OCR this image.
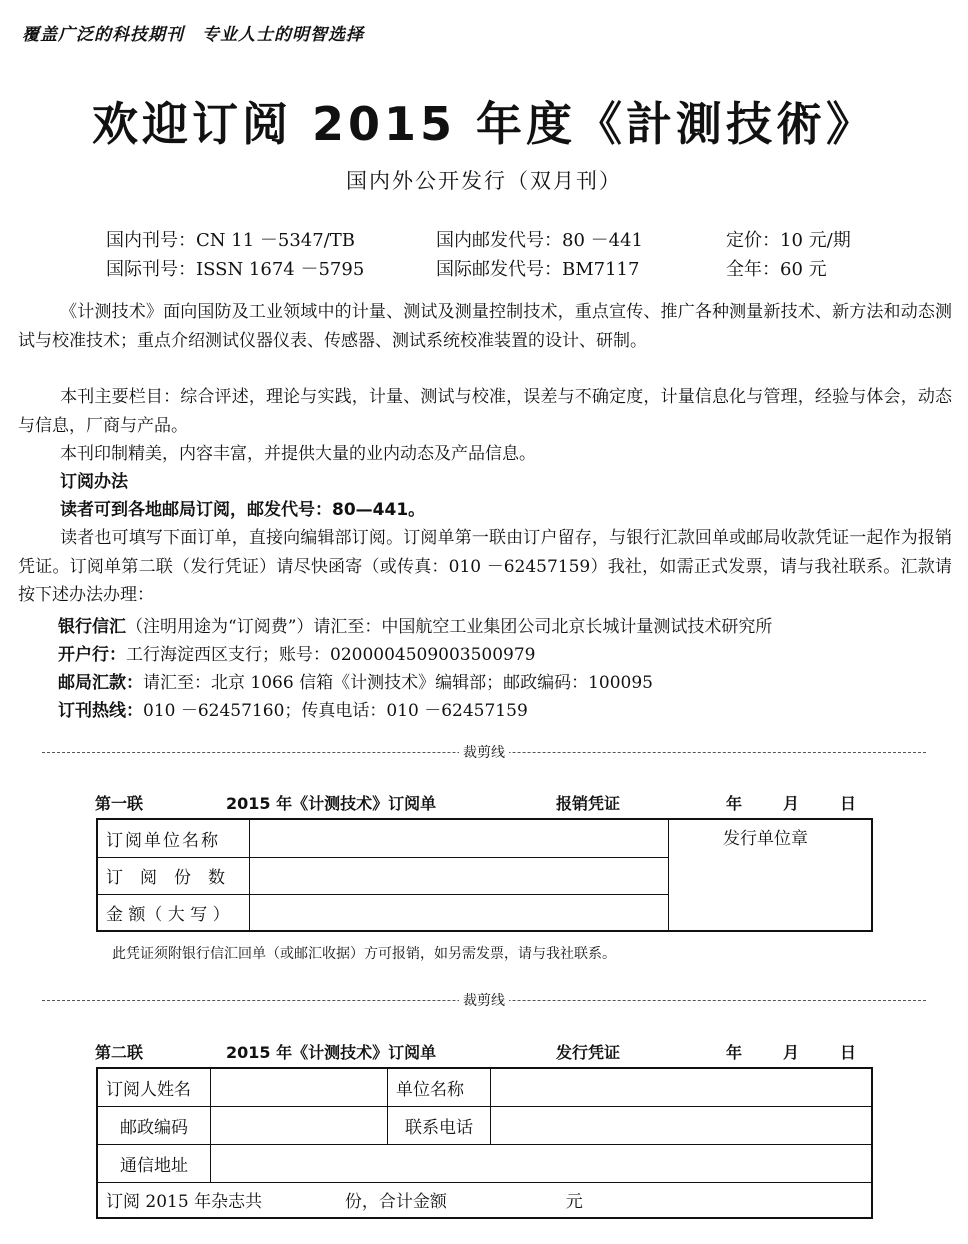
覆盖广泛的科技期刊　专业人士的明智选择
欢迎订阅 2015 年度《計測技術》
国内外公开发行（双月刊）
国内刊号：CN 11 －5347/TB	国内邮发代号：80 －441	定价：10 元/期
国际刊号：ISSN 1674 －5795	国际邮发代号：BM7117	全年：60 元
《计测技术》面向国防及工业领域中的计量、测试及测量控制技术，重点宣传、推广各种测量新技术、新方法和动态测试与校准技术；重点介绍测试仪器仪表、传感器、测试系统校准装置的设计、研制。
本刊主要栏目：综合评述，理论与实践，计量、测试与校准，误差与不确定度，计量信息化与管理，经验与体会，动态与信息，厂商与产品。
本刊印制精美，内容丰富，并提供大量的业内动态及产品信息。
订阅办法
读者可到各地邮局订阅，邮发代号：80—441。
读者也可填写下面订单，直接向编辑部订阅。订阅单第一联由订户留存，与银行汇款回单或邮局收款凭证一起作为报销凭证。订阅单第二联（发行凭证）请尽快函寄（或传真：010 －62457159）我社，如需正式发票，请与我社联系。汇款请按下述办法办理：
银行信汇（注明用途为“订阅费”）请汇至：中国航空工业集团公司北京长城计量测试技术研究所
开户行：工行海淀西区支行；账号：0200004509003500979
邮局汇款：请汇至：北京 1066 信箱《计测技术》编辑部；邮政编码：100095
订刊热线：010 －62457160；传真电话：010 －62457159
裁剪线
第一联	2015 年《计测技术》订阅单	报销凭证	年	月	日
订阅单位名称		发行单位章
订　阅　份　数		
金 额（ 大 写 ）		
此凭证须附银行信汇回单（或邮汇收据）方可报销，如另需发票，请与我社联系。
裁剪线
第二联	2015 年《计测技术》订阅单	发行凭证	年	月	日
订阅人姓名		单位名称	
邮政编码		联系电话	
通信地址			
订阅 2015 年杂志共 份，合计金额 元			
